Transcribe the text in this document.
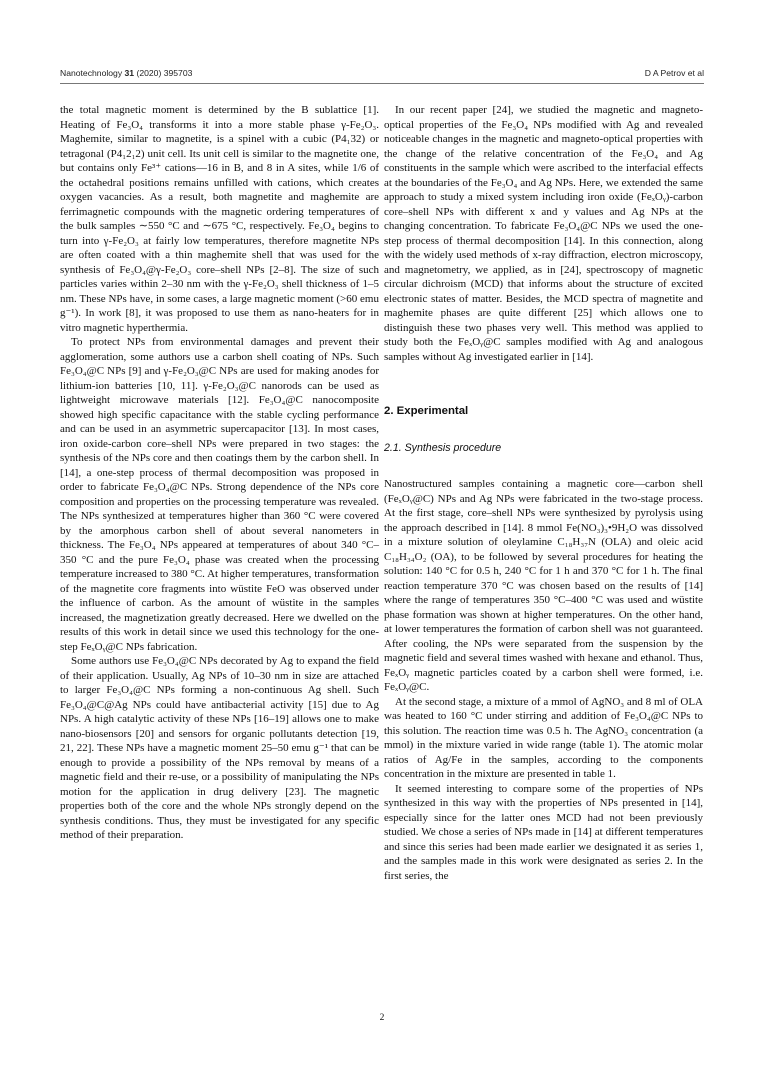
Nanotechnology 31 (2020) 395703	D A Petrov et al

the total magnetic moment is determined by the B sublattice [1]. Heating of Fe₃O₄ transforms it into a more stable phase γ-Fe₂O₃. Maghemite, similar to magnetite, is a spinel with a cubic (P4₁32) or tetragonal (P4₁2₁2) unit cell. Its unit cell is similar to the magnetite one, but contains only Fe³⁺ cations—16 in B, and 8 in A sites, while 1/6 of the octahedral positions remains unfilled with cations, which creates oxygen vacancies. As a result, both magnetite and maghemite are ferrimagnetic compounds with the magnetic ordering temperatures of the bulk samples ∼550 °C and ∼675 °C, respectively. Fe₃O₄ begins to turn into γ-Fe₂O₃ at fairly low temperatures, therefore magnetite NPs are often coated with a thin maghemite shell that was used for the synthesis of Fe₃O₄@γ-Fe₂O₃ core–shell NPs [2–8]. The size of such particles varies within 2–30 nm with the γ-Fe₂O₃ shell thickness of 1–5 nm. These NPs have, in some cases, a large magnetic moment (>60 emu g⁻¹). In work [8], it was proposed to use them as nano-heaters for in vitro magnetic hyperthermia.

To protect NPs from environmental damages and prevent their agglomeration, some authors use a carbon shell coating of NPs. Such Fe₃O₄@C NPs [9] and γ-Fe₂O₃@C NPs are used for making anodes for lithium-ion batteries [10, 11]. γ-Fe₂O₃@C nanorods can be used as lightweight microwave materials [12]. Fe₃O₄@C nanocomposite showed high specific capacitance with the stable cycling performance and can be used in an asymmetric supercapacitor [13]. In most cases, iron oxide-carbon core–shell NPs were prepared in two stages: the synthesis of the NPs core and then coatings them by the carbon shell. In [14], a one-step process of thermal decomposition was proposed in order to fabricate Fe₃O₄@C NPs. Strong dependence of the NPs core composition and properties on the processing temperature was revealed. The NPs synthesized at temperatures higher than 360 °C were covered by the amorphous carbon shell of about several nanometers in thickness. The Fe₃O₄ NPs appeared at temperatures of about 340 °C–350 °C and the pure Fe₃O₄ phase was created when the processing temperature increased to 380 °C. At higher temperatures, transformation of the magnetite core fragments into wüstite FeO was observed under the influence of carbon. As the amount of wüstite in the samples increased, the magnetization greatly decreased. Here we dwelled on the results of this work in detail since we used this technology for the one-step FeₓOᵧ@C NPs fabrication.

Some authors use Fe₃O₄@C NPs decorated by Ag to expand the field of their application. Usually, Ag NPs of 10–30 nm in size are attached to larger Fe₃O₄@C NPs forming a non-continuous Ag shell. Such Fe₃O₄@C@Ag NPs could have antibacterial activity [15] due to Ag NPs. A high catalytic activity of these NPs [16–19] allows one to make nano-biosensors [20] and sensors for organic pollutants detection [19, 21, 22]. These NPs have a magnetic moment 25–50 emu g⁻¹ that can be enough to provide a possibility of the NPs removal by means of a magnetic field and their re-use, or a possibility of manipulating the NPs motion for the application in drug delivery [23]. The magnetic properties both of the core and the whole NPs strongly depend on the synthesis conditions. Thus, they must be investigated for any specific method of their preparation.

In our recent paper [24], we studied the magnetic and magneto-optical properties of the Fe₃O₄ NPs modified with Ag and revealed noticeable changes in the magnetic and magneto-optical properties with the change of the relative concentration of the Fe₃O₄ and Ag constituents in the sample which were ascribed to the interfacial effects at the boundaries of the Fe₃O₄ and Ag NPs. Here, we extended the same approach to study a mixed system including iron oxide (FeₓOᵧ)-carbon core–shell NPs with different x and y values and Ag NPs at the changing concentration. To fabricate Fe₃O₄@C NPs we used the one-step process of thermal decomposition [14]. In this connection, along with the widely used methods of x-ray diffraction, electron microscopy, and magnetometry, we applied, as in [24], spectroscopy of magnetic circular dichroism (MCD) that informs about the structure of excited electronic states of matter. Besides, the MCD spectra of magnetite and maghemite phases are quite different [25] which allows one to distinguish these two phases very well. This method was applied to study both the FeₓOᵧ@C samples modified with Ag and analogous samples without Ag investigated earlier in [14].

2. Experimental
2.1. Synthesis procedure

Nanostructured samples containing a magnetic core—carbon shell (FeₓOᵧ@C) NPs and Ag NPs were fabricated in the two-stage process. At the first stage, core–shell NPs were synthesized by pyrolysis using the approach described in [14]. 8 mmol Fe(NO₃)₃•9H₂O was dissolved in a mixture solution of oleylamine C₁₈H₃₇N (OLA) and oleic acid C₁₈H₃₄O₂ (OA), to be followed by several procedures for heating the solution: 140 °C for 0.5 h, 240 °C for 1 h and 370 °C for 1 h. The final reaction temperature 370 °C was chosen based on the results of [14] where the range of temperatures 350 °C–400 °C was used and wüstite phase formation was shown at higher temperatures. On the other hand, at lower temperatures the formation of carbon shell was not guaranteed. After cooling, the NPs were separated from the suspension by the magnetic field and several times washed with hexane and ethanol. Thus, FeₓOᵧ magnetic particles coated by a carbon shell were formed, i.e. FeₓOᵧ@C.

At the second stage, a mixture of a mmol of AgNO₃ and 8 ml of OLA was heated to 160 °C under stirring and addition of Fe₃O₄@C NPs to this solution. The reaction time was 0.5 h. The AgNO₃ concentration (a mmol) in the mixture varied in wide range (table 1). The atomic molar ratios of Ag/Fe in the samples, according to the components concentration in the mixture are presented in table 1.

It seemed interesting to compare some of the properties of NPs synthesized in this way with the properties of NPs presented in [14], especially since for the latter ones MCD had not been previously studied. We chose a series of NPs made in [14] at different temperatures and since this series had been made earlier we designated it as series 1, and the samples made in this work were designated as series 2. In the first series, the

2
